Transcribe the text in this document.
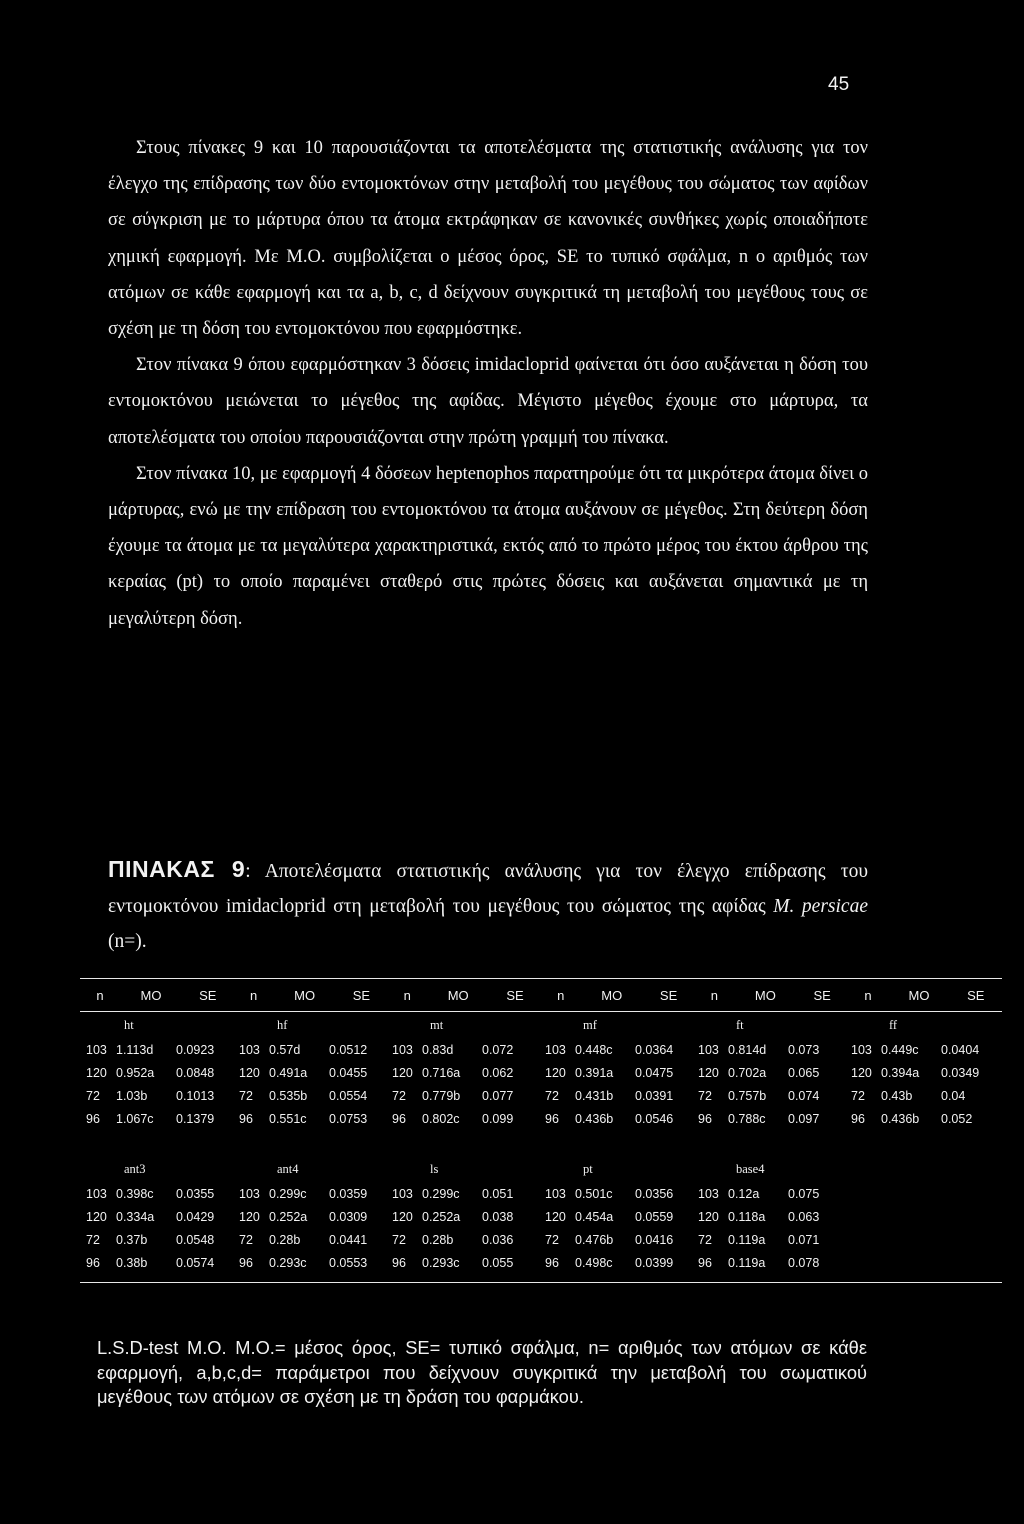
45

Στους πίνακες 9 και 10 παρουσιάζονται τα αποτελέσματα της στατιστικής ανάλυσης για τον έλεγχο της επίδρασης των δύο εντομοκτόνων στην μεταβολή του μεγέθους του σώματος των αφίδων σε σύγκριση με το μάρτυρα όπου τα άτομα εκτράφηκαν σε κανονικές συνθήκες χωρίς οποιαδήποτε χημική εφαρμογή. Με Μ.Ο. συμβολίζεται ο μέσος όρος, SE το τυπικό σφάλμα, n ο αριθμός των ατόμων σε κάθε εφαρμογή και τα a, b, c, d δείχνουν συγκριτικά τη μεταβολή του μεγέθους τους σε σχέση με τη δόση του εντομοκτόνου που εφαρμόστηκε.

Στον πίνακα 9 όπου εφαρμόστηκαν 3 δόσεις imidacloprid φαίνεται ότι όσο αυξάνεται η δόση του εντομοκτόνου μειώνεται το μέγεθος της αφίδας. Μέγιστο μέγεθος έχουμε στο μάρτυρα, τα αποτελέσματα του οποίου παρουσιάζονται στην πρώτη γραμμή του πίνακα.

Στον πίνακα 10, με εφαρμογή 4 δόσεων heptenophos παρατηρούμε ότι τα μικρότερα άτομα δίνει ο μάρτυρας, ενώ με την επίδραση του εντομοκτόνου τα άτομα αυξάνουν σε μέγεθος. Στη δεύτερη δόση έχουμε τα άτομα με τα μεγαλύτερα χαρακτηριστικά, εκτός από το πρώτο μέρος του έκτου άρθρου της κεραίας (pt) το οποίο παραμένει σταθερό στις πρώτες δόσεις και αυξάνεται σημαντικά με τη μεγαλύτερη δόση.

ΠΙΝΑΚΑΣ 9: Αποτελέσματα στατιστικής ανάλυσης για τον έλεγχο επίδρασης του εντομοκτόνου imidacloprid στη μεταβολή του μεγέθους του σώματος της αφίδας Μ. persicae (n=).
n	MO	SE	n	MO	SE	n	MO	SE	n	MO	SE	n	MO	SE	n	MO	SE
ht	hf	mt	mf	ft	ff
103 1.113d	0.0923	103 0.57d	0.0512	103 0.83d	0.072	103 0.448c	0.0364	103 0.814d	0.073	103 0.449c	0.0404
120 0.952a	0.0848	120 0.491a	0.0455	120 0.716a	0.062	120 0.391a	0.0475	120 0.702a	0.065	120 0.394a	0.0349
72	1.03b	0.1013	72	0.535b	0.0554	72	0.779b	0.077	72	0.431b	0.0391	72	0.757b	0.074	72	0.43b	0.04
96	1.067c	0.1379	96	0.551c	0.0753	96	0.802c	0.099	96	0.436b	0.0546	96	0.788c	0.097	96	0.436b	0.052
ant3	ant4	ls	pt	base4
103 0.398c	0.0355	103 0.299c	0.0359	103 0.299c	0.051	103 0.501c	0.0356	103 0.12a	0.075
120 0.334a	0.0429	120 0.252a	0.0309	120 0.252a	0.038	120 0.454a	0.0559	120 0.118a	0.063
72	0.37b	0.0548	72	0.28b	0.0441	72	0.28b	0.036	72	0.476b	0.0416	72	0.119a	0.071
96	0.38b	0.0574	96	0.293c	0.0553	96	0.293c	0.055	96	0.498c	0.0399	96	0.119a	0.078
L.S.D-test Μ.Ο. Μ.Ο.= μέσος όρος, SE= τυπικό σφάλμα, n= αριθμός των ατόμων σε κάθε εφαρμογή, a,b,c,d= παράμετροι που δείχνουν συγκριτικά την μεταβολή του σωματικού μεγέθους των ατόμων σε σχέση με τη δράση του φαρμάκου.
